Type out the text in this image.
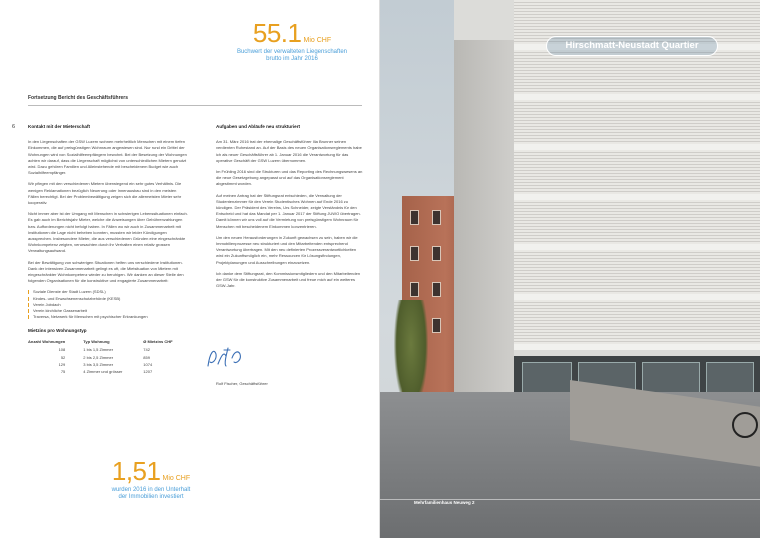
55.1 Mio CHF
Buchwert der verwalteten Liegenschaften
brutto im Jahr 2016
Fortsetzung Bericht des Geschäftsführers
6	Kontakt mit der Mieterschaft

In den Liegenschaften der GSW Luzern wohnen mehrheitlich Menschen mit einem tiefen Einkommen, die auf preisgünstigen Wohnraum angewiesen sind. Nur rund ein Drittel der Wohnungen wird von Sozialhilfeempfängern bewohnt. Bei der Besetzung der Wohnungen achten wir darauf, dass die Liegenschaft möglichst von unterschiedlichen Mietern genutzt wird. Dazu gehören Familien und Alleinstehende mit bescheidenem Budget wie auch Sozialhilfeempfänger.

Wir pflegen mit den verschiedenen Mietern überwiegend ein sehr gutes Verhältnis. Die wenigen Reklamationen bezüglich Neuerung oder Innenausbau sind in den meisten Fällen berechtigt. Bei der Problembewältigung zeigen sich die allermeisten Mieter sehr kooperativ.

Nicht immer aber ist der Umgang mit Menschen in schwierigen Lebenssituationen einfach. Es gab auch im Berichtsjahr Mieter, welche die Anweisungen über Gebührenzahlungen bzw. Aufforderungen nicht befolgt haben. In Fällen wo wir auch in Zusammenarbeit mit Institutionen die Lage nicht beheben konnten, mussten wir leider Kündigungen aussprechen. Insbesondere Mieter, die aus verschiedenen Gründen eine eingeschränkte Wohnkompetenz zeigten, verursachten durch ihr Verhalten einen relativ grossen Verwaltungsaufwand.

Bei der Bewältigung von schwierigen Situationen helfen uns verschiedene Institutionen. Dank der intensiven Zusammenarbeit gelingt es oft, die Mietsituation von Mietern mit eingeschränkter Wohnkompetenz wieder zu beruhigen. Wir danken an dieser Stelle den folgenden Organisationen für die konstruktive und engagierte Zusammenarbeit:

Soziale Dienste der Stadt Luzern (SDSL)
Kindes- und Erwachsenenschutzbehörde (KESB)
Verein Jobdach
Verein kirchliche Gassenarbeit
Traversa, Netzwerk für Menschen mit psychischer Erkrankungen
Mietzins pro Wohnungstyp
Anzahl Wohnungen	Typ Wohnung	Ø Mietzins CHF
108	1 bis 1,5 Zimmer	742
52	2 bis 2,5 Zimmer	859
129	3 bis 3,5 Zimmer	1074
75	4 Zimmer und grösser	1207
Aufgaben und Abläufe neu strukturiert

Am 31. März 2016 trat der ehemalige Geschäftsführer Ilia Brunner seinen verdienten Ruhestand an. Auf der Basis des neuen Organisationsreglements habe ich als neuer Geschäftsführer ab 1. Januar 2016 die Verantwortung für das operative Geschäft der GSW Luzern übernommen.

Im Frühling 2016 sind die Strukturen und das Reporting des Rechnungswesens an die neue Gesetzgebung angepasst und auf das Organisationsreglement abgestimmt worden.

Auf meinen Antrag hat der Stiftungsrat entschieden, die Verwaltung der Studentenzimmer für den Verein Studentisches Wohnen auf Ende 2016 zu kündigen. Der Präsident des Vereins, Urs Schneider, zeigte Verständnis für den Entscheid und hat das Mandat per 1. Januar 2017 der Stiftung JUWO übertragen. Damit können wir uns voll auf die Vermietung von preisgünstigem Wohnraum für Menschen mit bescheidenem Einkommen konzentrieren.

Um den neuen Herausforderungen in Zukunft gewachsen zu sein, haben wir die Immobilienprozesse neu strukturiert und den Mitarbeitenden entsprechend Verantwortung übertragen. Mit den neu definierten Prozessverantwortlichkeiten wird ein Zukunftsmöglich ein, mehr Ressourcen für Lösungsfindungen, Projektplanungen und Ausschreibungen einzusetzen.

Ich danke dem Stiftungsrat, den Kommissionsmitgliedern und den Mitarbeitenden der GSW für die konstruktive Zusammenarbeit und freue mich auf ein weiteres GSW-Jahr.

Rolf Fischer, Geschäftsführer
1,51 Mio CHF
wurden 2016 in den Unterhalt
der Immobilien investiert
Hirschmatt-Neustadt Quartier
Mehrfamilienhaus Neuweg 2
